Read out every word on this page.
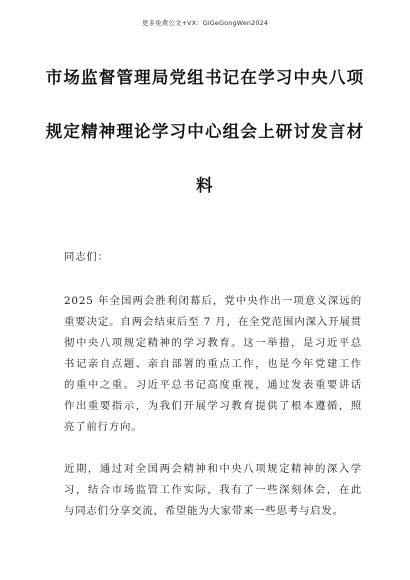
更多免费公文+VX：GiGeGongWen2024
市场监督管理局党组书记在学习中央八项
规定精神理论学习中心组会上研讨发言材
料
同志们：
2025 年全国两会胜利闭幕后，党中央作出一项意义深远的
重要决定。自两会结束后至 7 月，在全党范围内深入开展贯
彻中央八项规定精神的学习教育。这一举措，是习近平总
书记亲自点题、亲自部署的重点工作，也是今年党建工作
的重中之重。习近平总书记高度重视，通过发表重要讲话
作出重要指示，为我们开展学习教育提供了根本遵循，照
亮了前行方向。
近期，通过对全国两会精神和中央八项规定精神的深入学
习，结合市场监管工作实际，我有了一些深刻体会，在此
与同志们分享交流，希望能为大家带来一些思考与启发。
